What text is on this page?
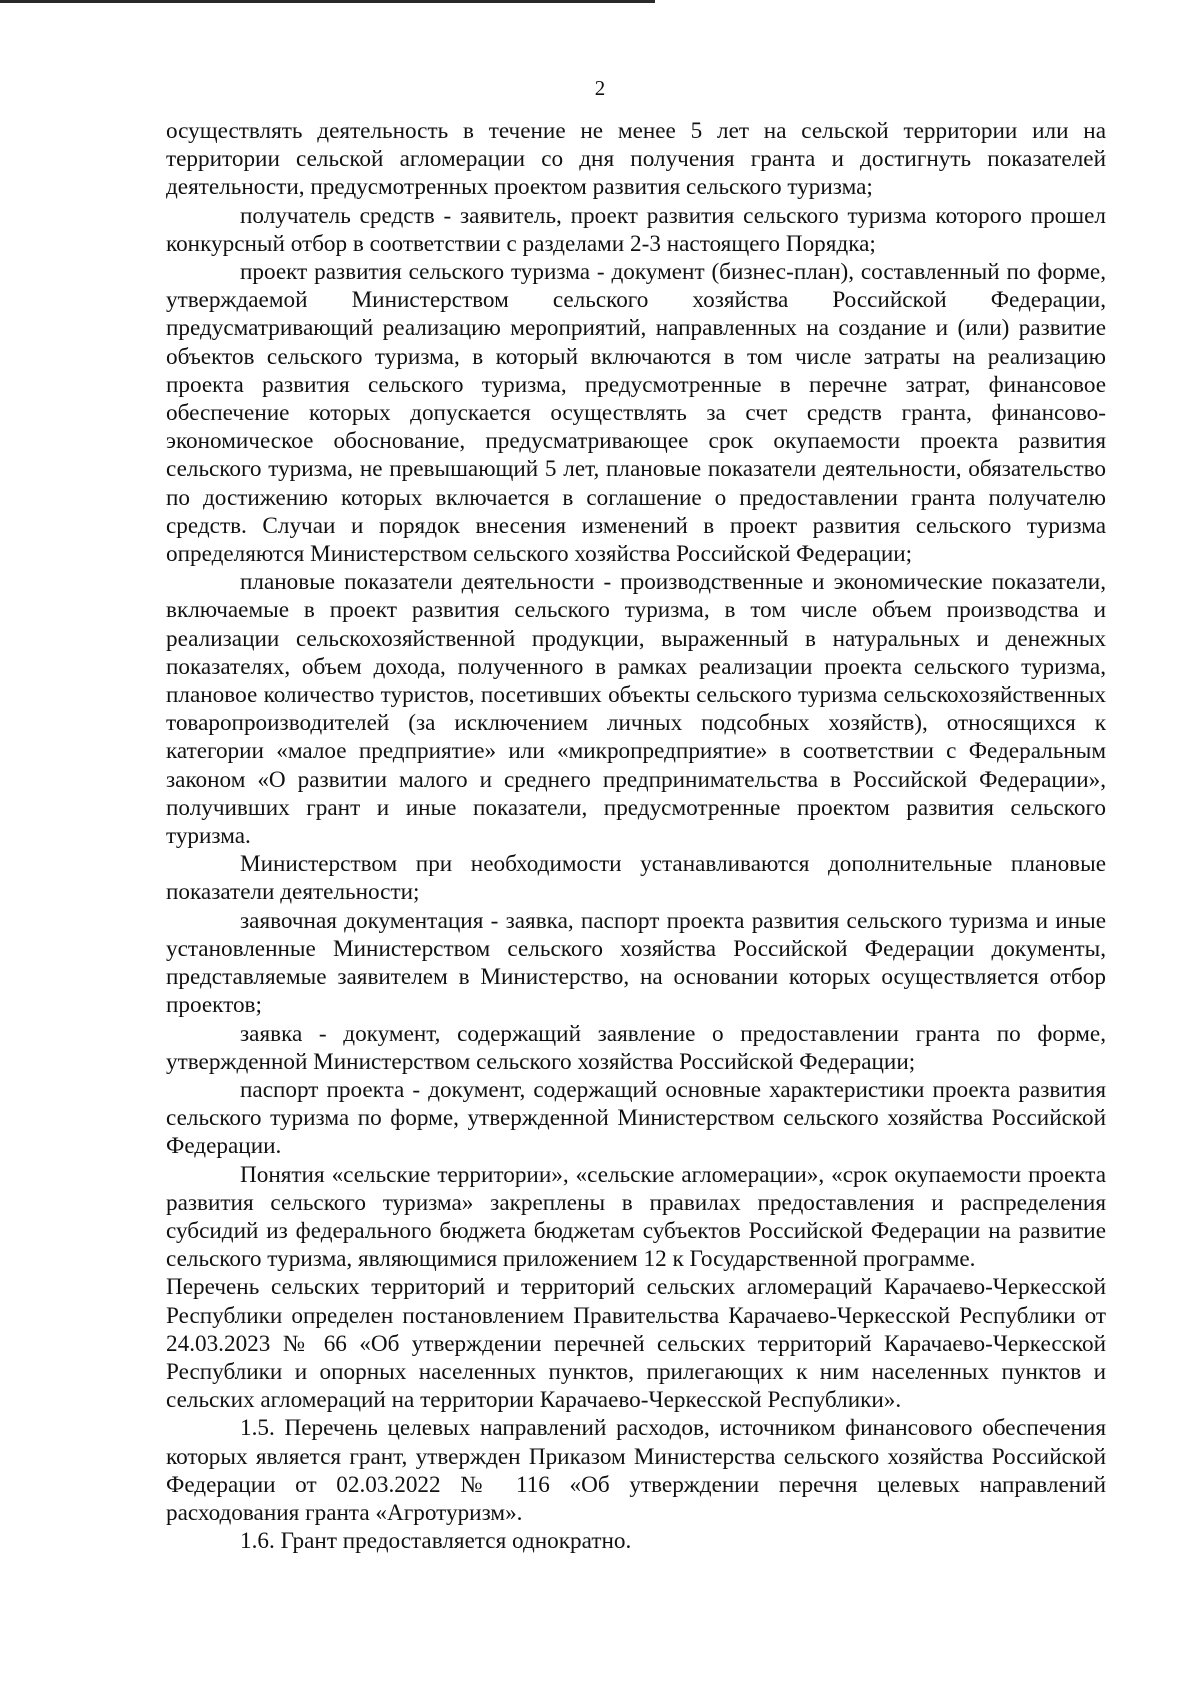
2

осуществлять деятельность в течение не менее 5 лет на сельской территории или на территории сельской агломерации со дня получения гранта и достигнуть показателей деятельности, предусмотренных проектом развития сельского туризма;

получатель средств - заявитель, проект развития сельского туризма которого прошел конкурсный отбор в соответствии с разделами 2-3 настоящего Порядка;

проект развития сельского туризма - документ (бизнес-план), составленный по форме, утверждаемой Министерством сельского хозяйства Российской Федерации, предусматривающий реализацию мероприятий, направленных на создание и (или) развитие объектов сельского туризма, в который включаются в том числе затраты на реализацию проекта развития сельского туризма, предусмотренные в перечне затрат, финансовое обеспечение которых допускается осуществлять за счет средств гранта, финансово-экономическое обоснование, предусматривающее срок окупаемости проекта развития сельского туризма, не превышающий 5 лет, плановые показатели деятельности, обязательство по достижению которых включается в соглашение о предоставлении гранта получателю средств. Случаи и порядок внесения изменений в проект развития сельского туризма определяются Министерством сельского хозяйства Российской Федерации;

плановые показатели деятельности - производственные и экономические показатели, включаемые в проект развития сельского туризма, в том числе объем производства и реализации сельскохозяйственной продукции, выраженный в натуральных и денежных показателях, объем дохода, полученного в рамках реализации проекта сельского туризма, плановое количество туристов, посетивших объекты сельского туризма сельскохозяйственных товаропроизводителей (за исключением личных подсобных хозяйств), относящихся к категории «малое предприятие» или «микропредприятие» в соответствии с Федеральным законом «О развитии малого и среднего предпринимательства в Российской Федерации», получивших грант и иные показатели, предусмотренные проектом развития сельского туризма.

Министерством при необходимости устанавливаются дополнительные плановые показатели деятельности;

заявочная документация - заявка, паспорт проекта развития сельского туризма и иные установленные Министерством сельского хозяйства Российской Федерации документы, представляемые заявителем в Министерство, на основании которых осуществляется отбор проектов;

заявка - документ, содержащий заявление о предоставлении гранта по форме, утвержденной Министерством сельского хозяйства Российской Федерации;

паспорт проекта - документ, содержащий основные характеристики проекта развития сельского туризма по форме, утвержденной Министерством сельского хозяйства Российской Федерации.

Понятия «сельские территории», «сельские агломерации», «срок окупаемости проекта развития сельского туризма» закреплены в правилах предоставления и распределения субсидий из федерального бюджета бюджетам субъектов Российской Федерации на развитие сельского туризма, являющимися приложением 12 к Государственной программе.

Перечень сельских территорий и территорий сельских агломераций Карачаево-Черкесской Республики определен постановлением Правительства Карачаево-Черкесской Республики от 24.03.2023 № 66 «Об утверждении перечней сельских территорий Карачаево-Черкесской Республики и опорных населенных пунктов, прилегающих к ним населенных пунктов и сельских агломераций на территории Карачаево-Черкесской Республики».

1.5. Перечень целевых направлений расходов, источником финансового обеспечения которых является грант, утвержден Приказом Министерства сельского хозяйства Российской Федерации от 02.03.2022 № 116 «Об утверждении перечня целевых направлений расходования гранта «Агротуризм».

1.6. Грант предоставляется однократно.
